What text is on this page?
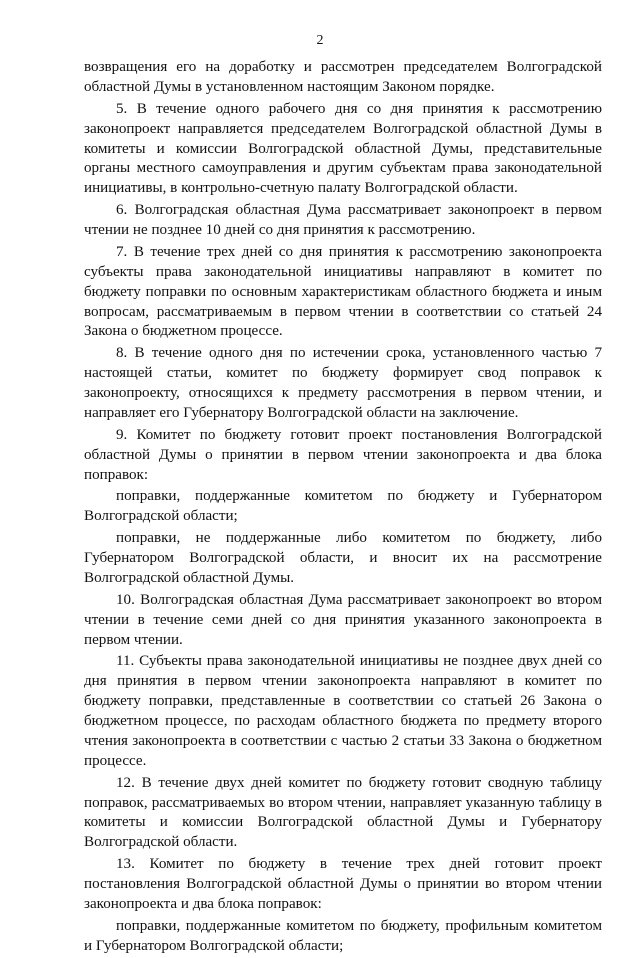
2

возвращения его на доработку и рассмотрен председателем Волгоградской областной Думы в установленном настоящим Законом порядке.

5. В течение одного рабочего дня со дня принятия к рассмотрению законопроект направляется председателем Волгоградской областной Думы в комитеты и комиссии Волгоградской областной Думы, представительные органы местного самоуправления и другим субъектам права законодательной инициативы, в контрольно-счетную палату Волгоградской области.

6. Волгоградская областная Дума рассматривает законопроект в первом чтении не позднее 10 дней со дня принятия к рассмотрению.

7. В течение трех дней со дня принятия к рассмотрению законопроекта субъекты права законодательной инициативы направляют в комитет по бюджету поправки по основным характеристикам областного бюджета и иным вопросам, рассматриваемым в первом чтении в соответствии со статьей 24 Закона о бюджетном процессе.

8. В течение одного дня по истечении срока, установленного частью 7 настоящей статьи, комитет по бюджету формирует свод поправок к законопроекту, относящихся к предмету рассмотрения в первом чтении, и направляет его Губернатору Волгоградской области на заключение.

9. Комитет по бюджету готовит проект постановления Волгоградской областной Думы о принятии в первом чтении законопроекта и два блока поправок:

поправки, поддержанные комитетом по бюджету и Губернатором Волгоградской области;

поправки, не поддержанные либо комитетом по бюджету, либо Губернатором Волгоградской области, и вносит их на рассмотрение Волгоградской областной Думы.

10. Волгоградская областная Дума рассматривает законопроект во втором чтении в течение семи дней со дня принятия указанного законопроекта в первом чтении.

11. Субъекты права законодательной инициативы не позднее двух дней со дня принятия в первом чтении законопроекта направляют в комитет по бюджету поправки, представленные в соответствии со статьей 26 Закона о бюджетном процессе, по расходам областного бюджета по предмету второго чтения законопроекта в соответствии с частью 2 статьи 33 Закона о бюджетном процессе.

12. В течение двух дней комитет по бюджету готовит сводную таблицу поправок, рассматриваемых во втором чтении, направляет указанную таблицу в комитеты и комиссии Волгоградской областной Думы и Губернатору Волгоградской области.

13. Комитет по бюджету в течение трех дней готовит проект постановления Волгоградской областной Думы о принятии во втором чтении законопроекта и два блока поправок:

поправки, поддержанные комитетом по бюджету, профильным комитетом и Губернатором Волгоградской области;
